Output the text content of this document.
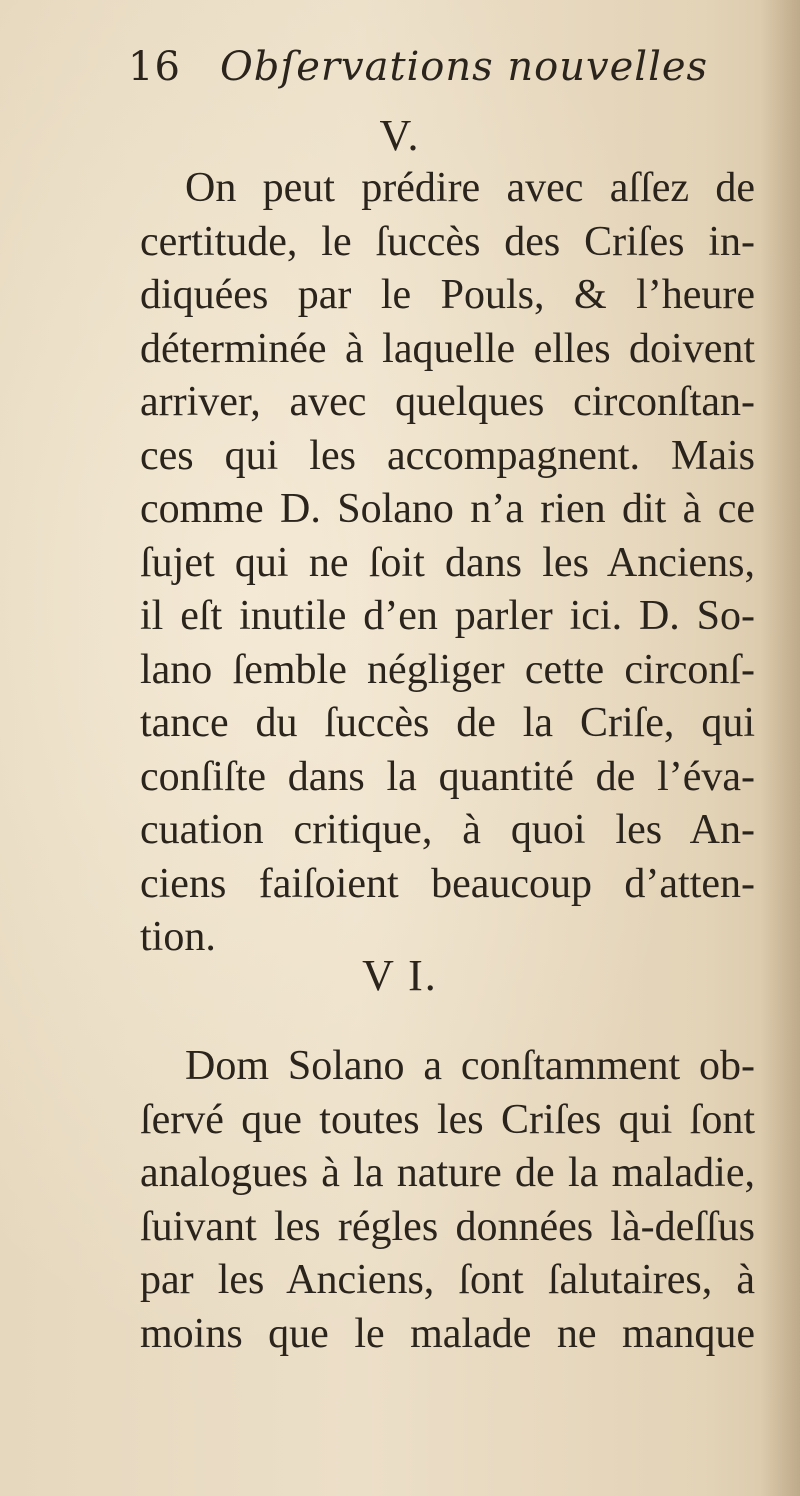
16 Obſervations nouvelles
V.
On peut prédire avec aſſez de
certitude, le ſuccès des Criſes in-
diquées par le Pouls, & l’heure
déterminée à laquelle elles doivent
arriver, avec quelques circonſtan-
ces qui les accompagnent. Mais
comme D. Solano n’a rien dit à ce
ſujet qui ne ſoit dans les Anciens,
il eſt inutile d’en parler ici. D. So-
lano ſemble négliger cette circonſ-
tance du ſuccès de la Criſe, qui
conſiſte dans la quantité de l’éva-
cuation critique, à quoi les An-
ciens faiſoient beaucoup d’atten-
tion.
V I.
Dom Solano a conſtamment ob-
ſervé que toutes les Criſes qui ſont
analogues à la nature de la maladie,
ſuivant les régles données là-deſſus
par les Anciens, ſont ſalutaires, à
moins que le malade ne manque
